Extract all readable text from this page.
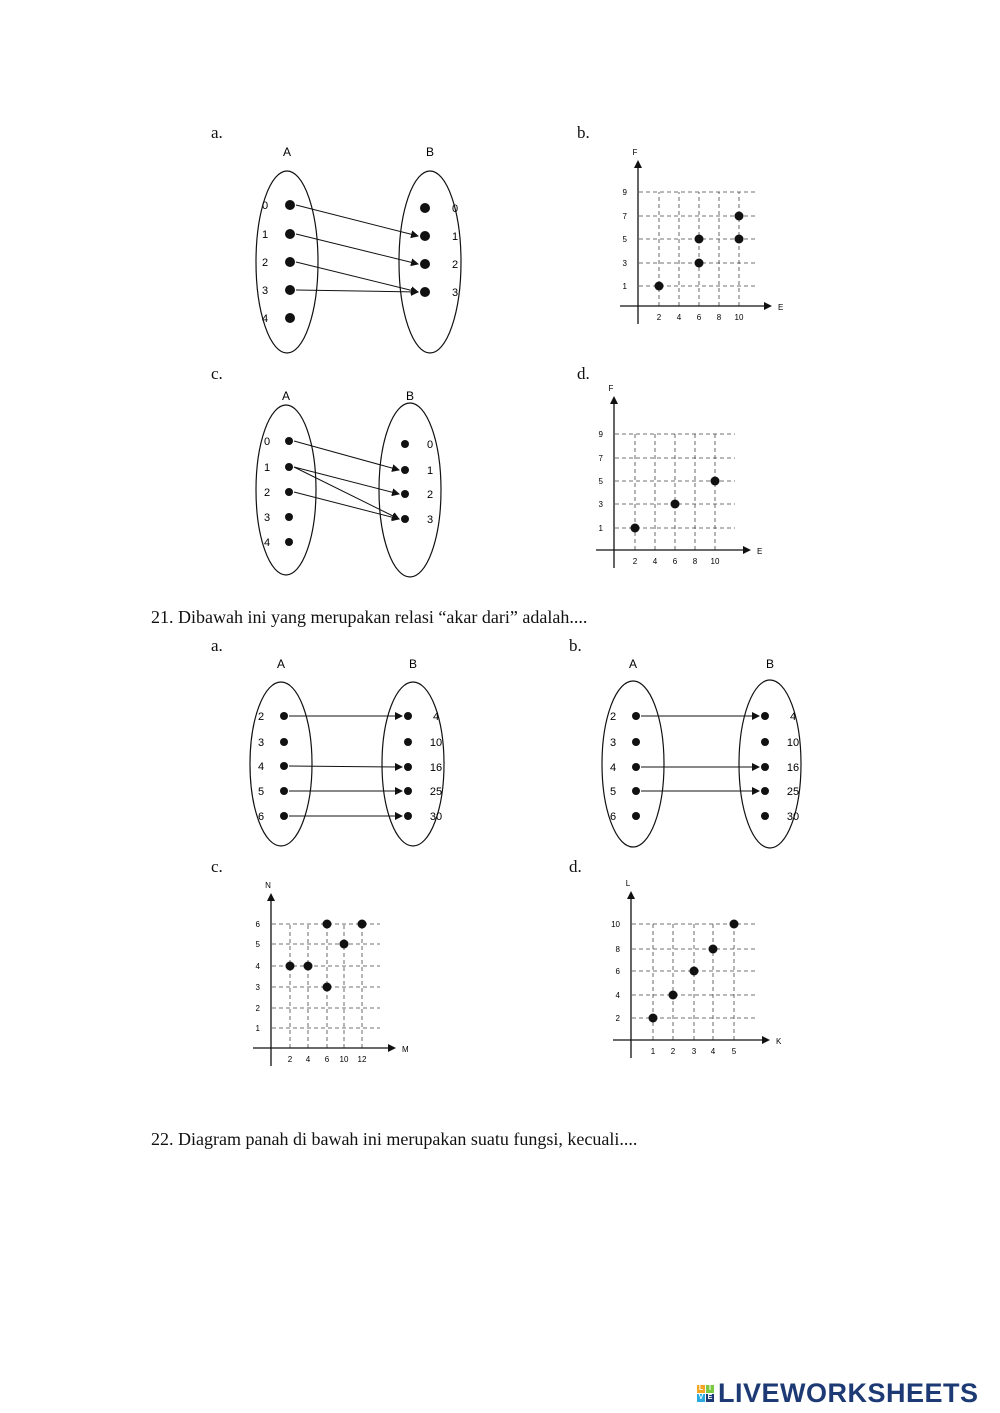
a.	b.
c.	d.
A	B
0
1
2
3
4
0
1
2
3
E
F
2 4 6 8 10
1
3
5
7
9
A	B
0
1
2
3
4
0
1
2
3
E
F
2 4 6 8 10
1
3
5
7
9
21. Dibawah ini yang merupakan relasi “akar dari” adalah....
a.	b.
c.	d.
A	B
2
3
4
5
6
4
10
16
25
30
A	B
2
3
4
5
6
4
10
16
25
30
M
N
2 4 6 10 12
1
2
3
4
5
6
K
L
1 2 3 4 5
2
4
6
8
10
22. Diagram panah di bawah ini merupakan suatu fungsi, kecuali....
L I
V E LIVEWORKSHEETS
